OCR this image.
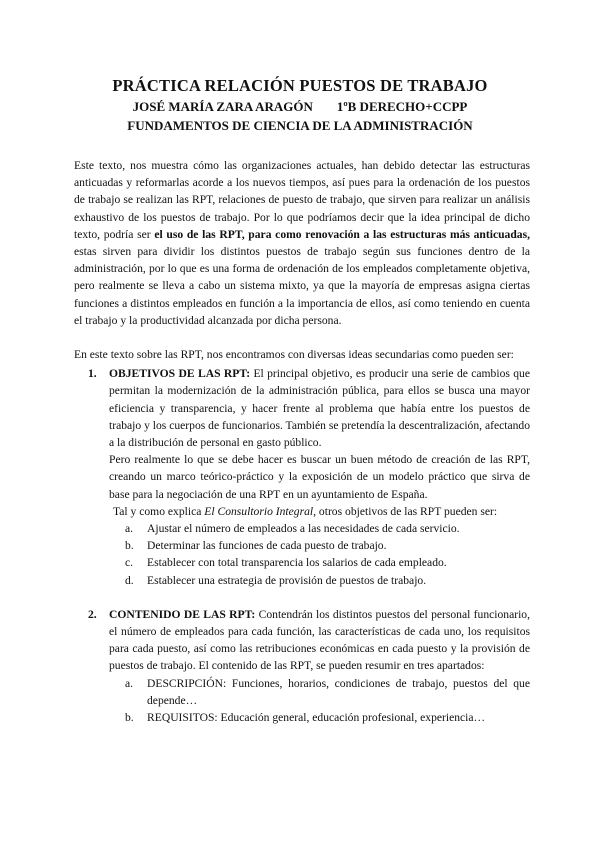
PRÁCTICA RELACIÓN PUESTOS DE TRABAJO
JOSÉ MARÍA ZARA ARAGÓN 1ºB DERECHO+CCPP
FUNDAMENTOS DE CIENCIA DE LA ADMINISTRACIÓN

Este texto, nos muestra cómo las organizaciones actuales, han debido detectar las estructuras anticuadas y reformarlas acorde a los nuevos tiempos, así pues para la ordenación de los puestos de trabajo se realizan las RPT, relaciones de puesto de trabajo, que sirven para realizar un análisis exhaustivo de los puestos de trabajo. Por lo que podríamos decir que la idea principal de dicho texto, podría ser el uso de las RPT, para como renovación a las estructuras más anticuadas, estas sirven para dividir los distintos puestos de trabajo según sus funciones dentro de la administración, por lo que es una forma de ordenación de los empleados completamente objetiva, pero realmente se lleva a cabo un sistema mixto, ya que la mayoría de empresas asigna ciertas funciones a distintos empleados en función a la importancia de ellos, así como teniendo en cuenta el trabajo y la productividad alcanzada por dicha persona.

En este texto sobre las RPT, nos encontramos con diversas ideas secundarias como pueden ser:

1. OBJETIVOS DE LAS RPT: El principal objetivo, es producir una serie de cambios que permitan la modernización de la administración pública, para ellos se busca una mayor eficiencia y transparencia, y hacer frente al problema que había entre los puestos de trabajo y los cuerpos de funcionarios. También se pretendía la descentralización, afectando a la distribución de personal en gasto público.
Pero realmente lo que se debe hacer es buscar un buen método de creación de las RPT, creando un marco teórico-práctico y la exposición de un modelo práctico que sirva de base para la negociación de una RPT en un ayuntamiento de España.
Tal y como explica El Consultorio Integral, otros objetivos de las RPT pueden ser:
a. Ajustar el número de empleados a las necesidades de cada servicio.
b. Determinar las funciones de cada puesto de trabajo.
c. Establecer con total transparencia los salarios de cada empleado.
d. Establecer una estrategia de provisión de puestos de trabajo.
2. CONTENIDO DE LAS RPT: Contendrán los distintos puestos del personal funcionario, el número de empleados para cada función, las características de cada uno, los requisitos para cada puesto, así como las retribuciones económicas en cada puesto y la provisión de puestos de trabajo. El contenido de las RPT, se pueden resumir en tres apartados:
a. DESCRIPCIÓN: Funciones, horarios, condiciones de trabajo, puestos del que depende…
b. REQUISITOS: Educación general, educación profesional, experiencia…
